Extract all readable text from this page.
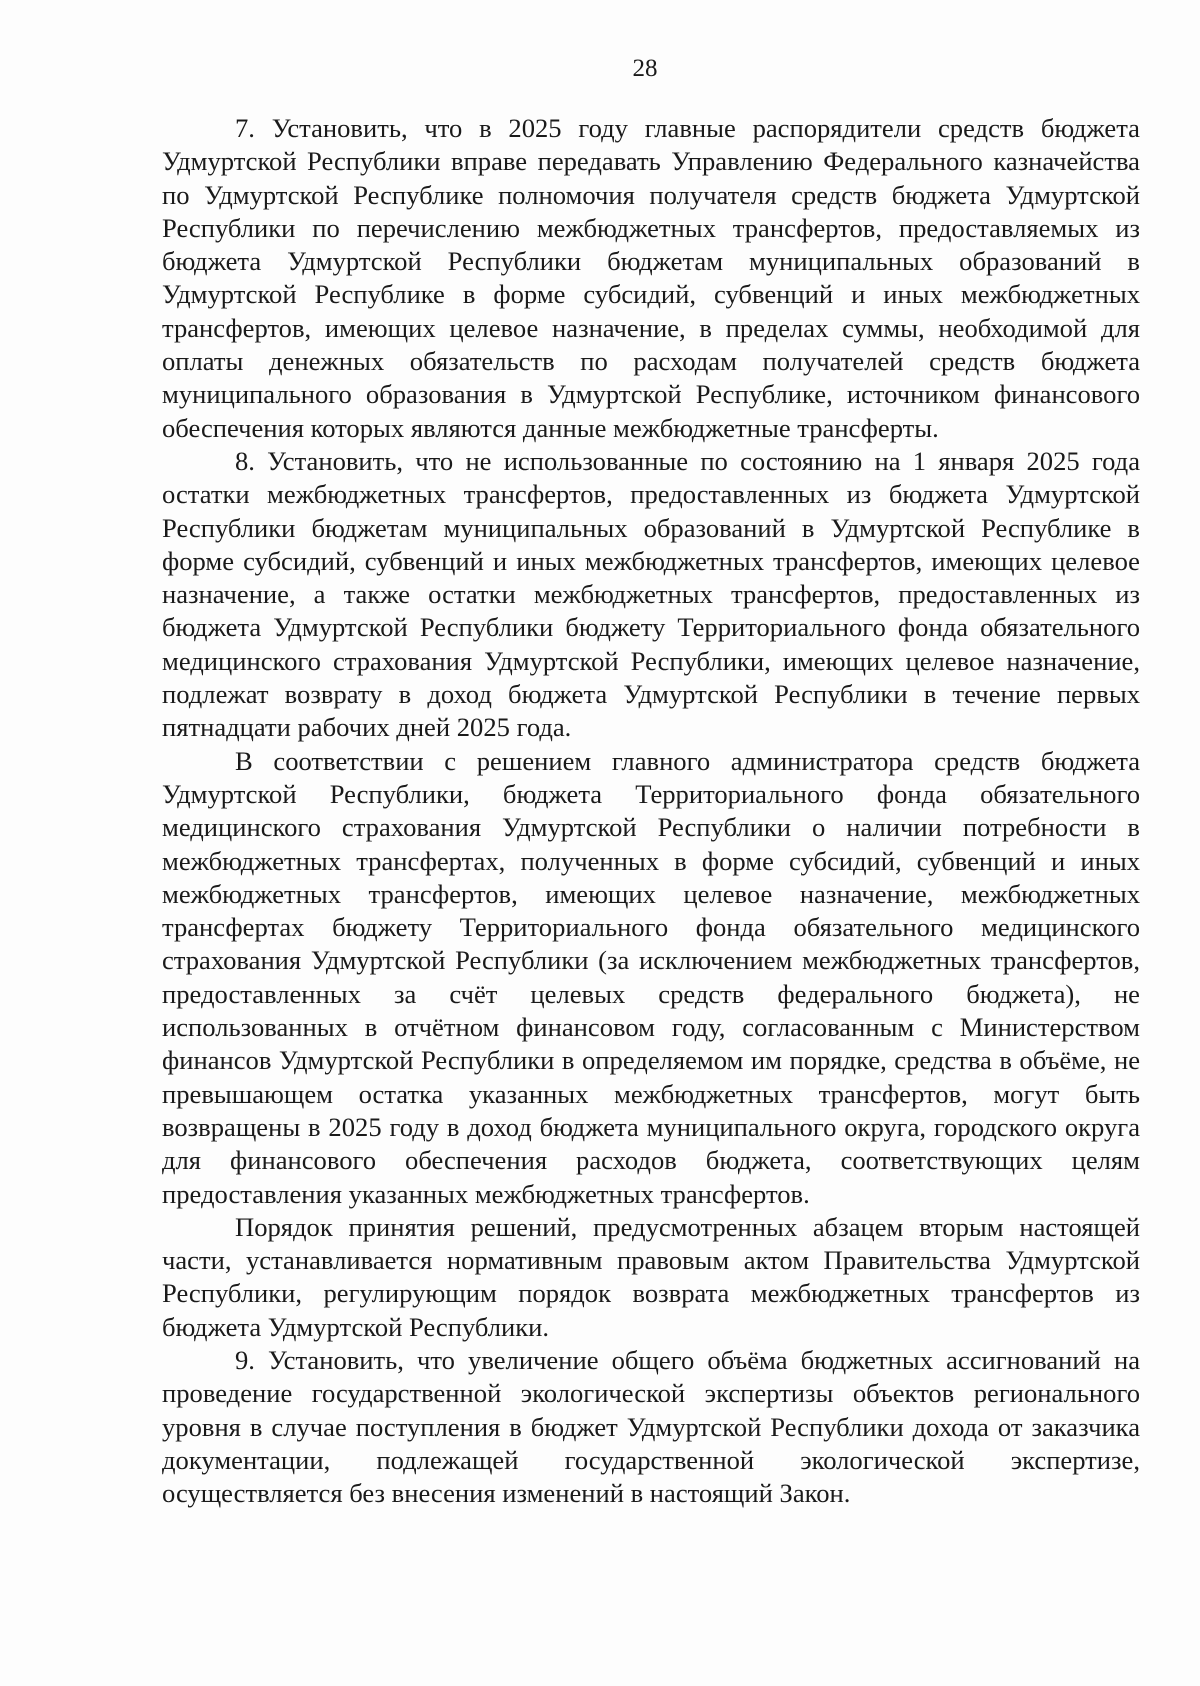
28

7. Установить, что в 2025 году главные распорядители средств бюджета Удмуртской Республики вправе передавать Управлению Федерального казначейства по Удмуртской Республике полномочия получателя средств бюджета Удмуртской Республики по перечислению межбюджетных трансфертов, предоставляемых из бюджета Удмуртской Республики бюджетам муниципальных образований в Удмуртской Республике в форме субсидий, субвенций и иных межбюджетных трансфертов, имеющих целевое назначение, в пределах суммы, необходимой для оплаты денежных обязательств по расходам получателей средств бюджета муниципального образования в Удмуртской Республике, источником финансового обеспечения которых являются данные межбюджетные трансферты.

8. Установить, что не использованные по состоянию на 1 января 2025 года остатки межбюджетных трансфертов, предоставленных из бюджета Удмуртской Республики бюджетам муниципальных образований в Удмуртской Республике в форме субсидий, субвенций и иных межбюджетных трансфертов, имеющих целевое назначение, а также остатки межбюджетных трансфертов, предоставленных из бюджета Удмуртской Республики бюджету Территориального фонда обязательного медицинского страхования Удмуртской Республики, имеющих целевое назначение, подлежат возврату в доход бюджета Удмуртской Республики в течение первых пятнадцати рабочих дней 2025 года.

В соответствии с решением главного администратора средств бюджета Удмуртской Республики, бюджета Территориального фонда обязательного медицинского страхования Удмуртской Республики о наличии потребности в межбюджетных трансфертах, полученных в форме субсидий, субвенций и иных межбюджетных трансфертов, имеющих целевое назначение, межбюджетных трансфертах бюджету Территориального фонда обязательного медицинского страхования Удмуртской Республики (за исключением межбюджетных трансфертов, предоставленных за счёт целевых средств федерального бюджета), не использованных в отчётном финансовом году, согласованным с Министерством финансов Удмуртской Республики в определяемом им порядке, средства в объёме, не превышающем остатка указанных межбюджетных трансфертов, могут быть возвращены в 2025 году в доход бюджета муниципального округа, городского округа для финансового обеспечения расходов бюджета, соответствующих целям предоставления указанных межбюджетных трансфертов.

Порядок принятия решений, предусмотренных абзацем вторым настоящей части, устанавливается нормативным правовым актом Правительства Удмуртской Республики, регулирующим порядок возврата межбюджетных трансфертов из бюджета Удмуртской Республики.

9. Установить, что увеличение общего объёма бюджетных ассигнований на проведение государственной экологической экспертизы объектов регионального уровня в случае поступления в бюджет Удмуртской Республики дохода от заказчика документации, подлежащей государственной экологической экспертизе, осуществляется без внесения изменений в настоящий Закон.
